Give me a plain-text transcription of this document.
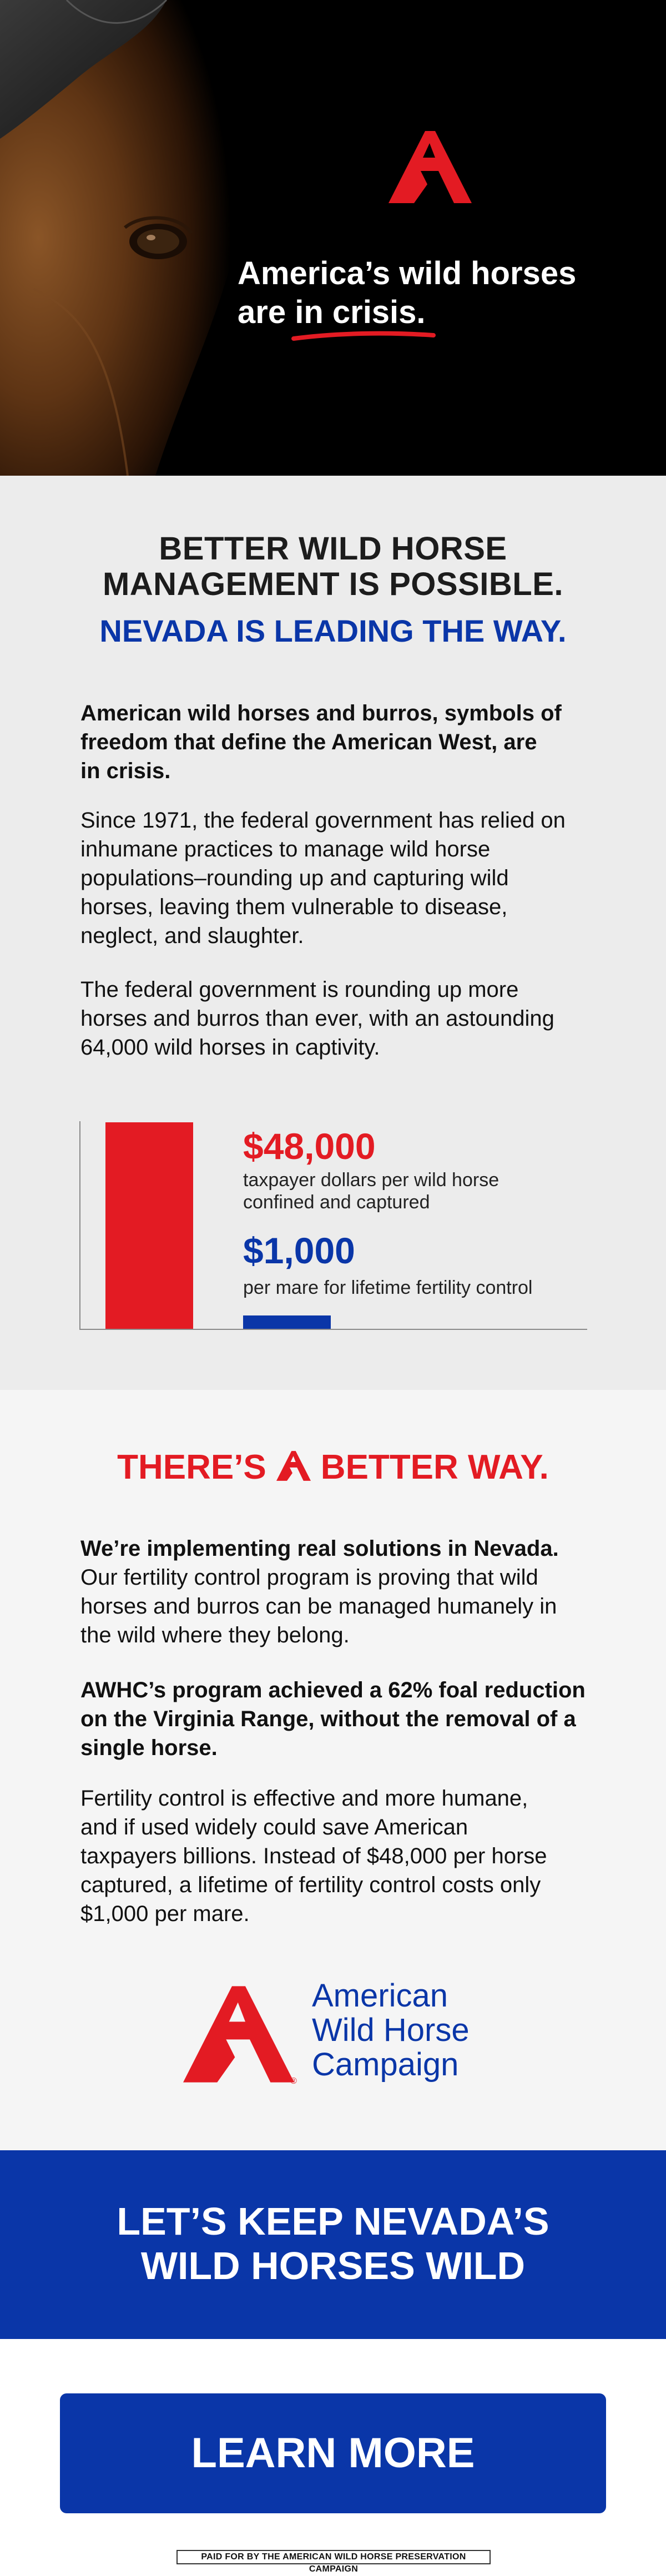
America’s wild horses
are in crisis.
BETTER WILD HORSE
MANAGEMENT IS POSSIBLE.
NEVADA IS LEADING THE WAY.
American wild horses and burros, symbols of
freedom that define the American West, are
in crisis.
Since 1971, the federal government has relied on
inhumane practices to manage wild horse
populations–rounding up and capturing wild
horses, leaving them vulnerable to disease,
neglect, and slaughter.
The federal government is rounding up more
horses and burros than ever, with an astounding
64,000 wild horses in captivity.
$48,000
taxpayer dollars per wild horse
confined and captured
$1,000
per mare for lifetime fertility control
THERE’S BETTER WAY.
We’re implementing real solutions in Nevada.
Our fertility control program is proving that wild
horses and burros can be managed humanely in
the wild where they belong.
AWHC’s program achieved a 62% foal reduction
on the Virginia Range, without the removal of a
single horse.
Fertility control is effective and more humane,
and if used widely could save American
taxpayers billions. Instead of $48,000 per horse
captured, a lifetime of fertility control costs only
$1,000 per mare.
American
Wild Horse
Campaign
®
LET’S KEEP NEVADA’S
WILD HORSES WILD
LEARN MORE
PAID FOR BY THE AMERICAN WILD HORSE PRESERVATION CAMPAIGN
